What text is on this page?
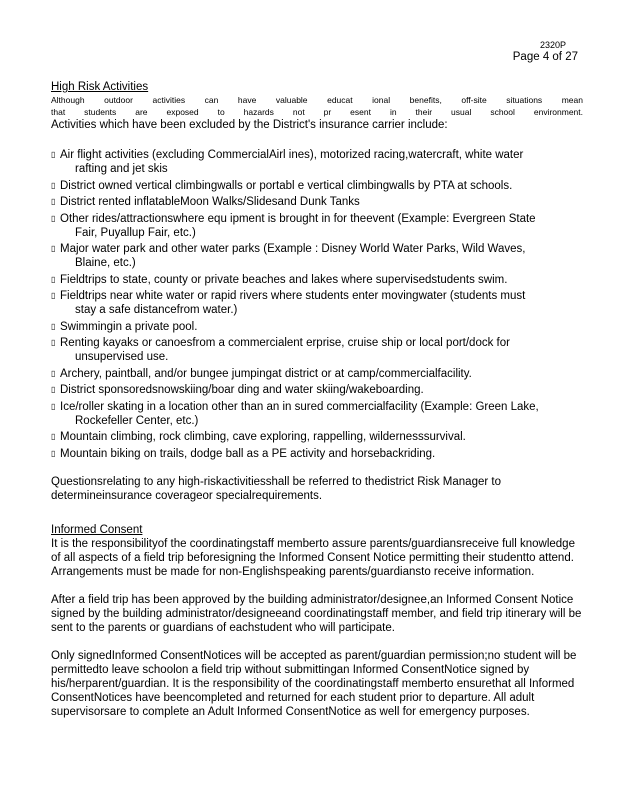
2320P
Page 4 of 27
High Risk Activities
Although outdoor activities can have valuable educat ional benefits, off-site situations mean
that students are exposed to hazards not pr esent in their usual school environment.
Activities which have been excluded by the District's insurance carrier include:
▯ Air flight activities (excluding CommercialAirl ines), motorized racing,watercraft, white water
rafting and jet skis
▯ District owned vertical climbingwalls or portabl e vertical climbingwalls by PTA at schools.
▯ District rented inflatableMoon Walks/Slidesand Dunk Tanks
▯ Other rides/attractionswhere equ ipment is brought in for theevent (Example: Evergreen State
Fair, Puyallup Fair, etc.)
▯ Major water park and other water parks (Example : Disney World Water Parks, Wild Waves,
Blaine, etc.)
▯ Fieldtrips to state, county or private beaches and lakes where supervisedstudents swim.
▯ Fieldtrips near white water or rapid rivers where students enter movingwater (students must
stay a safe distancefrom water.)
▯ Swimmingin a private pool.
▯ Renting kayaks or canoesfrom a commercialent erprise, cruise ship or local port/dock for
unsupervised use.
▯ Archery, paintball, and/or bungee jumpingat district or at camp/commercialfacility.
▯ District sponsoredsnowskiing/boar ding and water skiing/wakeboarding.
▯ Ice/roller skating in a location other than an in sured commercialfacility (Example: Green Lake,
Rockefeller Center, etc.)
▯ Mountain climbing, rock climbing, cave exploring, rappelling, wildernesssurvival.
▯ Mountain biking on trails, dodge ball as a PE activity and horsebackriding.

Questionsrelating to any high-riskactivitiesshall be referred to thedistrict Risk Manager to determineinsurance coverageor specialrequirements.

Informed Consent

It is the responsibilityof the coordinatingstaff memberto assure parents/guardiansreceive full knowledge of all aspects of a field trip beforesigning the Informed Consent Notice permitting their studentto attend. Arrangements must be made for non-Englishspeaking parents/guardiansto receive information.

After a field trip has been approved by the building administrator/designee,an Informed Consent Notice signed by the building administrator/designeeand coordinatingstaff member, and field trip itinerary will be sent to the parents or guardians of eachstudent who will participate.

Only signedInformed ConsentNotices will be accepted as parent/guardian permission;no student will be permittedto leave schoolon a field trip without submittingan Informed ConsentNotice signed by his/herparent/guardian. It is the responsibility of the coordinatingstaff memberto ensurethat all Informed ConsentNotices have beencompleted and returned for each student prior to departure. All adult supervisorsare to complete an Adult Informed ConsentNotice as well for emergency purposes.
